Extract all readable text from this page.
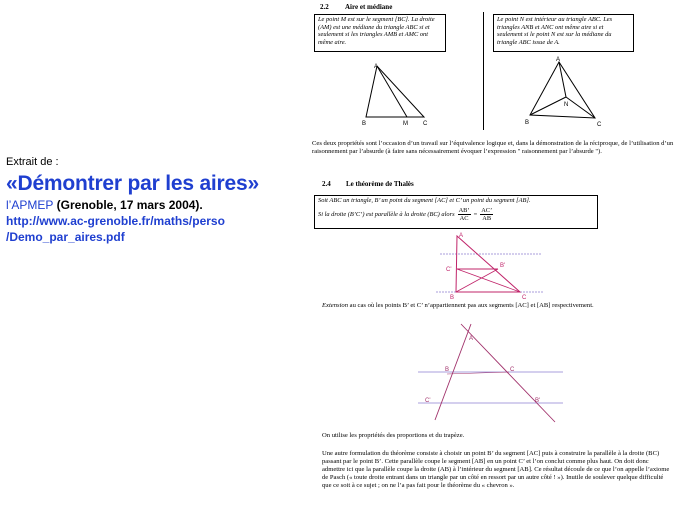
Extrait de :
«Démontrer par les aires»
l’APMEP (Grenoble, 17 mars 2004).
http://www.ac-grenoble.fr/maths/perso
/Demo_par_aires.pdf
2.2 Aire et médiane
Le point M est sur le segment [BC]. La droite (AM) est une médiane du triangle ABC si et seulement si les triangles AMB et AMC ont même aire.
Le point N est intérieur au triangle ABC. Les triangles ANB et ANC ont même aire si et seulement si le point N est sur la médiane du triangle ABC issue de A.
A
B	M	C
A
N
B	C
Ces deux propriétés sont l’occasion d’un travail sur l’équivalence logique et, dans la démonstration de la réciproque, de l’utilisation d’un raisonnement par l’absurde (à faire sans nécessairement évoquer l’expression " raisonnement par l’absurde ").
2.4 Le théorème de Thalès
Soit ABC un triangle, B’ un point du segment [AC] et C’ un point du segment [AB].
Si la droite (B’C’) est parallèle à la droite (BC) alors $\frac{AB’}{AC} = \frac{AC’}{AB}$
A
C'
B'
B	C
Extension au cas où les points B’ et C’ n’appartiennent pas aux segments [AC] et [AB] respectivement.
A
B	C
C'	B'
On utilise les propriétés des proportions et du trapèze.
Une autre formulation du théorème consiste à choisir un point B’ du segment [AC] puis à construire la parallèle à la droite (BC) passant par le point B’. Cette parallèle coupe le segment [AB] en un point C’ et l’on conclut comme plus haut. On doit donc admettre ici que la parallèle coupe la droite (AB) à l’intérieur du segment [AB]. Ce résultat découle de ce que l’on appelle l’axiome de Pasch (« toute droite entrant dans un triangle par un côté en ressort par un autre côté ! »). Inutile de soulever quelque difficulté que ce soit à ce sujet ; on ne l’a pas fait pour le théorème du « chevron ».
